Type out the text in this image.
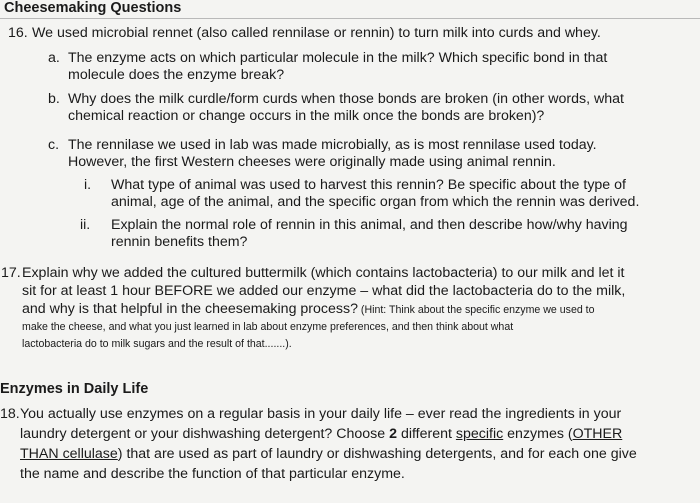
Cheesemaking Questions
16. We used microbial rennet (also called rennilase or rennin) to turn milk into curds and whey.
a. The enzyme acts on which particular molecule in the milk? Which specific bond in that
molecule does the enzyme break?
b. Why does the milk curdle/form curds when those bonds are broken (in other words, what
chemical reaction or change occurs in the milk once the bonds are broken)?
c. The rennilase we used in lab was made microbially, as is most rennilase used today.
However, the first Western cheeses were originally made using animal rennin.
i. What type of animal was used to harvest this rennin? Be specific about the type of
animal, age of the animal, and the specific organ from which the rennin was derived.
ii. Explain the normal role of rennin in this animal, and then describe how/why having
rennin benefits them?
17. Explain why we added the cultured buttermilk (which contains lactobacteria) to our milk and let it
sit for at least 1 hour BEFORE we added our enzyme – what did the lactobacteria do to the milk,
and why is that helpful in the cheesemaking process? (Hint: Think about the specific enzyme we used to
make the cheese, and what you just learned in lab about enzyme preferences, and then think about what
lactobacteria do to milk sugars and the result of that.......).
Enzymes in Daily Life
18. You actually use enzymes on a regular basis in your daily life – ever read the ingredients in your
laundry detergent or your dishwashing detergent? Choose 2 different specific enzymes (OTHER
THAN cellulase) that are used as part of laundry or dishwashing detergents, and for each one give
the name and describe the function of that particular enzyme.
